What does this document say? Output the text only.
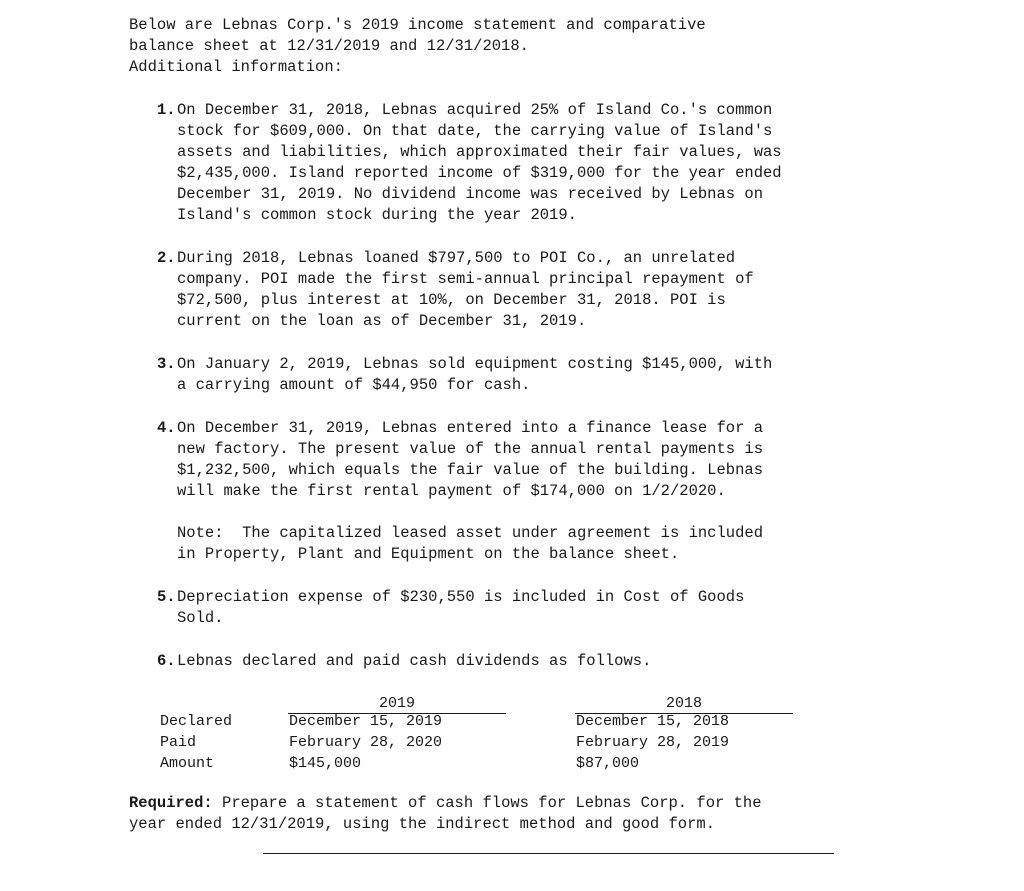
Below are Lebnas Corp.'s 2019 income statement and comparative
balance sheet at 12/31/2019 and 12/31/2018.
Additional information:
1. On December 31, 2018, Lebnas acquired 25% of Island Co.'s common
stock for $609,000. On that date, the carrying value of Island's
assets and liabilities, which approximated their fair values, was
$2,435,000. Island reported income of $319,000 for the year ended
December 31, 2019. No dividend income was received by Lebnas on
Island's common stock during the year 2019.
2. During 2018, Lebnas loaned $797,500 to POI Co., an unrelated
company. POI made the first semi-annual principal repayment of
$72,500, plus interest at 10%, on December 31, 2018. POI is
current on the loan as of December 31, 2019.
3. On January 2, 2019, Lebnas sold equipment costing $145,000, with
a carrying amount of $44,950 for cash.
4. On December 31, 2019, Lebnas entered into a finance lease for a
new factory. The present value of the annual rental payments is
$1,232,500, which equals the fair value of the building. Lebnas
will make the first rental payment of $174,000 on 1/2/2020.
Note:  The capitalized leased asset under agreement is included
in Property, Plant and Equipment on the balance sheet.
5. Depreciation expense of $230,550 is included in Cost of Goods
Sold.
6. Lebnas declared and paid cash dividends as follows.
Declared
Paid
Amount
2019
December 15, 2019
February 28, 2020
$145,000
2018
December 15, 2018
February 28, 2019
$87,000
Required: Prepare a statement of cash flows for Lebnas Corp. for the
year ended 12/31/2019, using the indirect method and good form.
